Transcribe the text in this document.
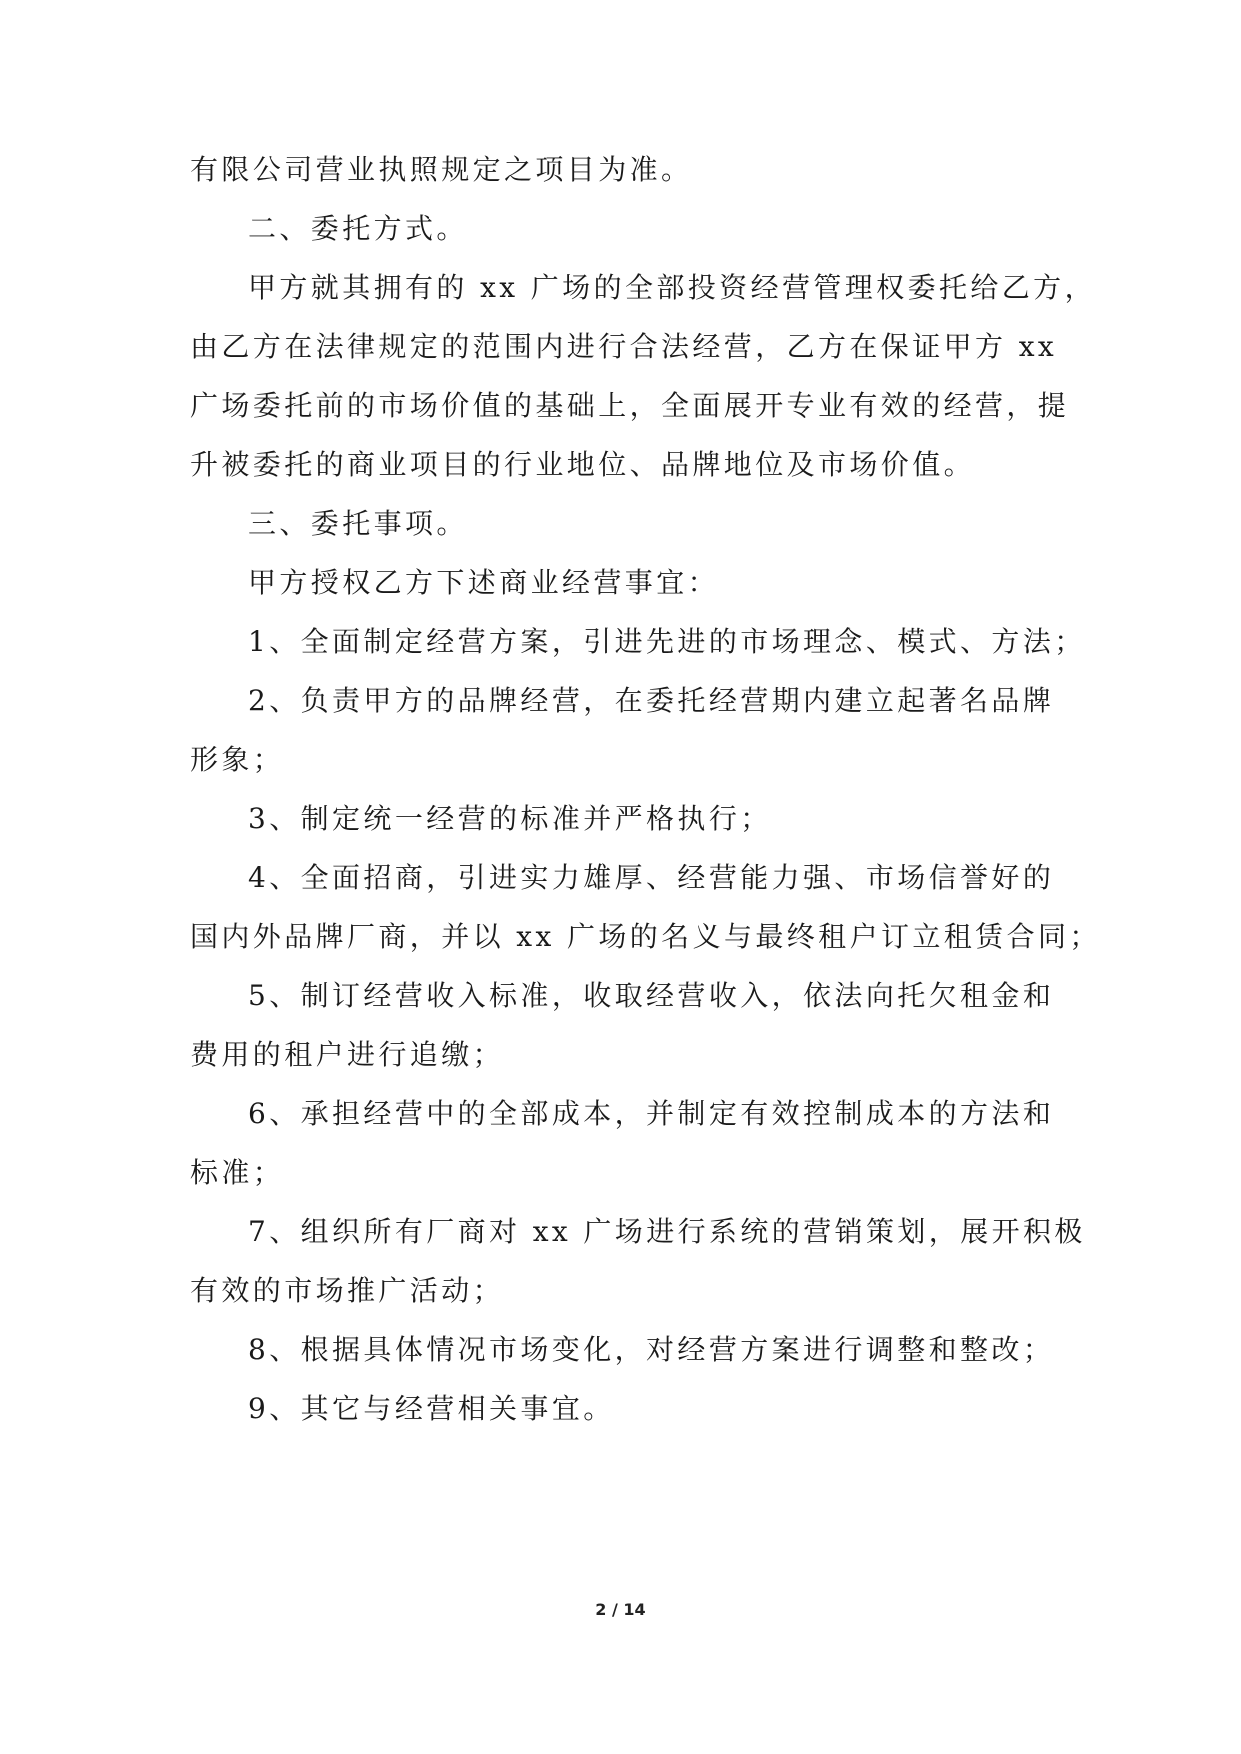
有限公司营业执照规定之项目为准。
二、委托方式。
甲方就其拥有的 xx 广场的全部投资经营管理权委托给乙方，
由乙方在法律规定的范围内进行合法经营，乙方在保证甲方 xx
广场委托前的市场价值的基础上，全面展开专业有效的经营，提
升被委托的商业项目的行业地位、品牌地位及市场价值。
三、委托事项。
甲方授权乙方下述商业经营事宜：
1、全面制定经营方案，引进先进的市场理念、模式、方法；
2、负责甲方的品牌经营，在委托经营期内建立起著名品牌
形象；
3、制定统一经营的标准并严格执行；
4、全面招商，引进实力雄厚、经营能力强、市场信誉好的
国内外品牌厂商，并以 xx 广场的名义与最终租户订立租赁合同；
5、制订经营收入标准，收取经营收入，依法向托欠租金和
费用的租户进行追缴；
6、承担经营中的全部成本，并制定有效控制成本的方法和
标准；
7、组织所有厂商对 xx 广场进行系统的营销策划，展开积极
有效的市场推广活动；
8、根据具体情况市场变化，对经营方案进行调整和整改；
9、其它与经营相关事宜。
2 / 14
